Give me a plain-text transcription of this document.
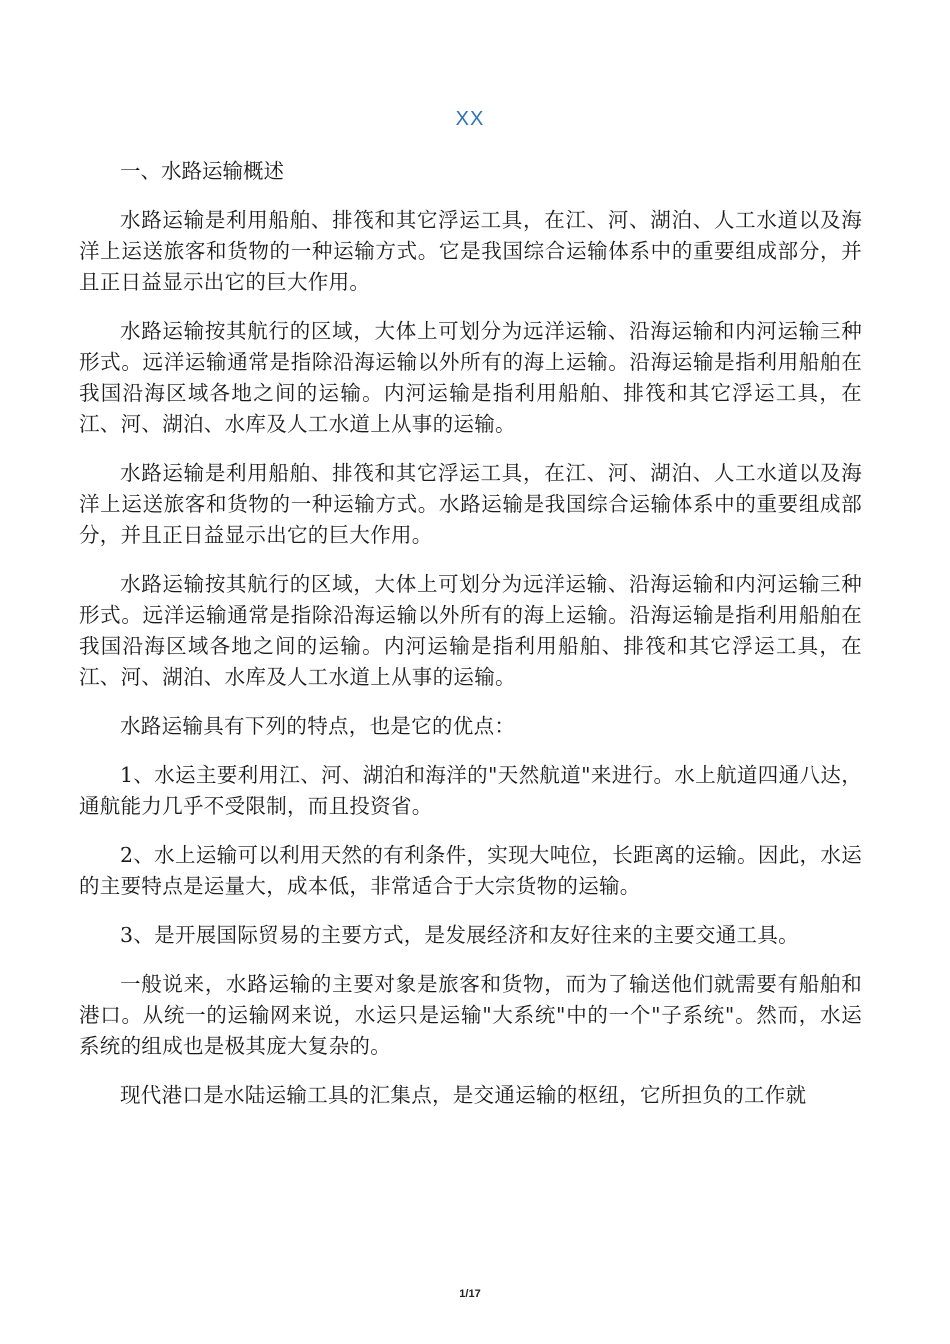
XX

一、水路运输概述

水路运输是利用船舶、排筏和其它浮运工具，在江、河、湖泊、人工水道以及海洋上运送旅客和货物的一种运输方式。它是我国综合运输体系中的重要组成部分，并且正日益显示出它的巨大作用。

水路运输按其航行的区域，大体上可划分为远洋运输、沿海运输和内河运输三种形式。远洋运输通常是指除沿海运输以外所有的海上运输。沿海运输是指利用船舶在我国沿海区域各地之间的运输。内河运输是指利用船舶、排筏和其它浮运工具，在江、河、湖泊、水库及人工水道上从事的运输。

水路运输是利用船舶、排筏和其它浮运工具，在江、河、湖泊、人工水道以及海洋上运送旅客和货物的一种运输方式。水路运输是我国综合运输体系中的重要组成部分，并且正日益显示出它的巨大作用。

水路运输按其航行的区域，大体上可划分为远洋运输、沿海运输和内河运输三种形式。远洋运输通常是指除沿海运输以外所有的海上运输。沿海运输是指利用船舶在我国沿海区域各地之间的运输。内河运输是指利用船舶、排筏和其它浮运工具，在江、河、湖泊、水库及人工水道上从事的运输。

水路运输具有下列的特点，也是它的优点：

1、水运主要利用江、河、湖泊和海洋的"天然航道"来进行。水上航道四通八达，通航能力几乎不受限制，而且投资省。

2、水上运输可以利用天然的有利条件，实现大吨位，长距离的运输。因此，水运的主要特点是运量大，成本低，非常适合于大宗货物的运输。

3、是开展国际贸易的主要方式，是发展经济和友好往来的主要交通工具。

一般说来，水路运输的主要对象是旅客和货物，而为了输送他们就需要有船舶和港口。从统一的运输网来说，水运只是运输"大系统"中的一个"子系统"。然而，水运系统的组成也是极其庞大复杂的。

现代港口是水陆运输工具的汇集点，是交通运输的枢纽，它所担负的工作就

1/17
